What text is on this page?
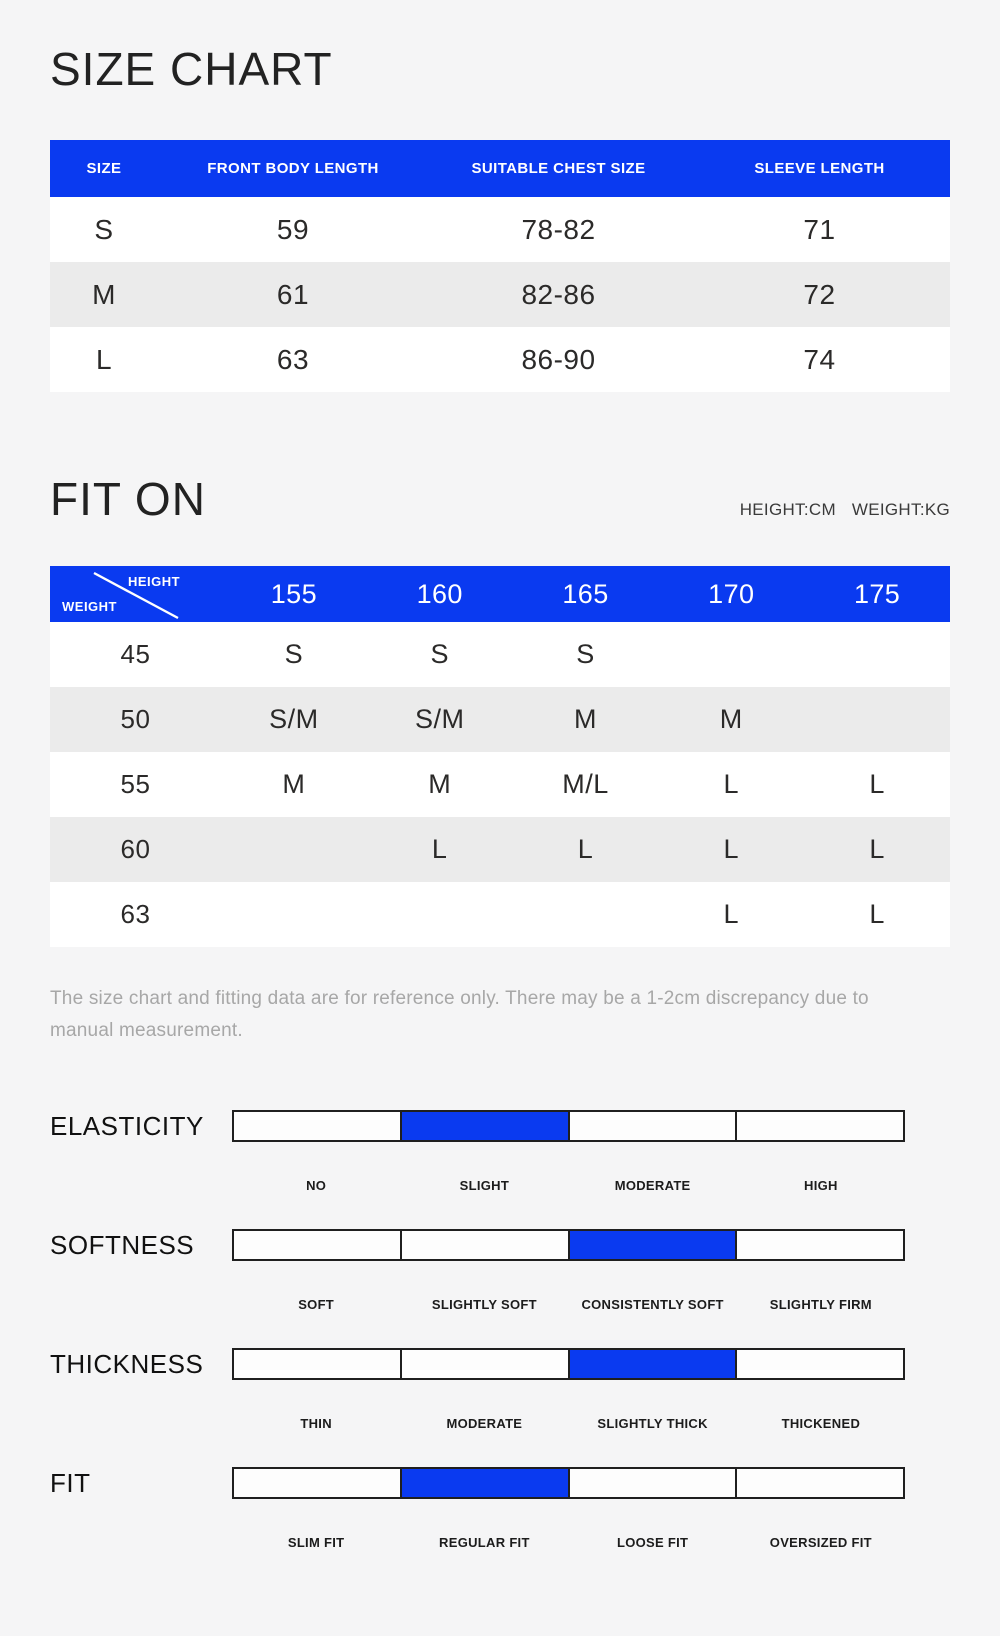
SIZE CHART
SIZE	FRONT BODY LENGTH	SUITABLE CHEST SIZE	SLEEVE LENGTH
S	59	78-82	71
M	61	82-86	72
L	63	86-90	74
FIT ON	HEIGHT:CM WEIGHT:KG
HEIGHT
WEIGHT	155	160	165	170	175
45	S	S	S		
50	S/M	S/M	M	M	
55	M	M	M/L	L	L
60		L	L	L	L
63				L	L

The size chart and fitting data are for reference only. There may be a 1-2cm discrepancy due to manual measurement.

ELASTICITY
NO	SLIGHT	MODERATE	HIGH
SOFTNESS
SOFT	SLIGHTLY SOFT	CONSISTENTLY SOFT	SLIGHTLY FIRM
THICKNESS
THIN	MODERATE	SLIGHTLY THICK	THICKENED
FIT
SLIM FIT	REGULAR FIT	LOOSE FIT	OVERSIZED FIT
